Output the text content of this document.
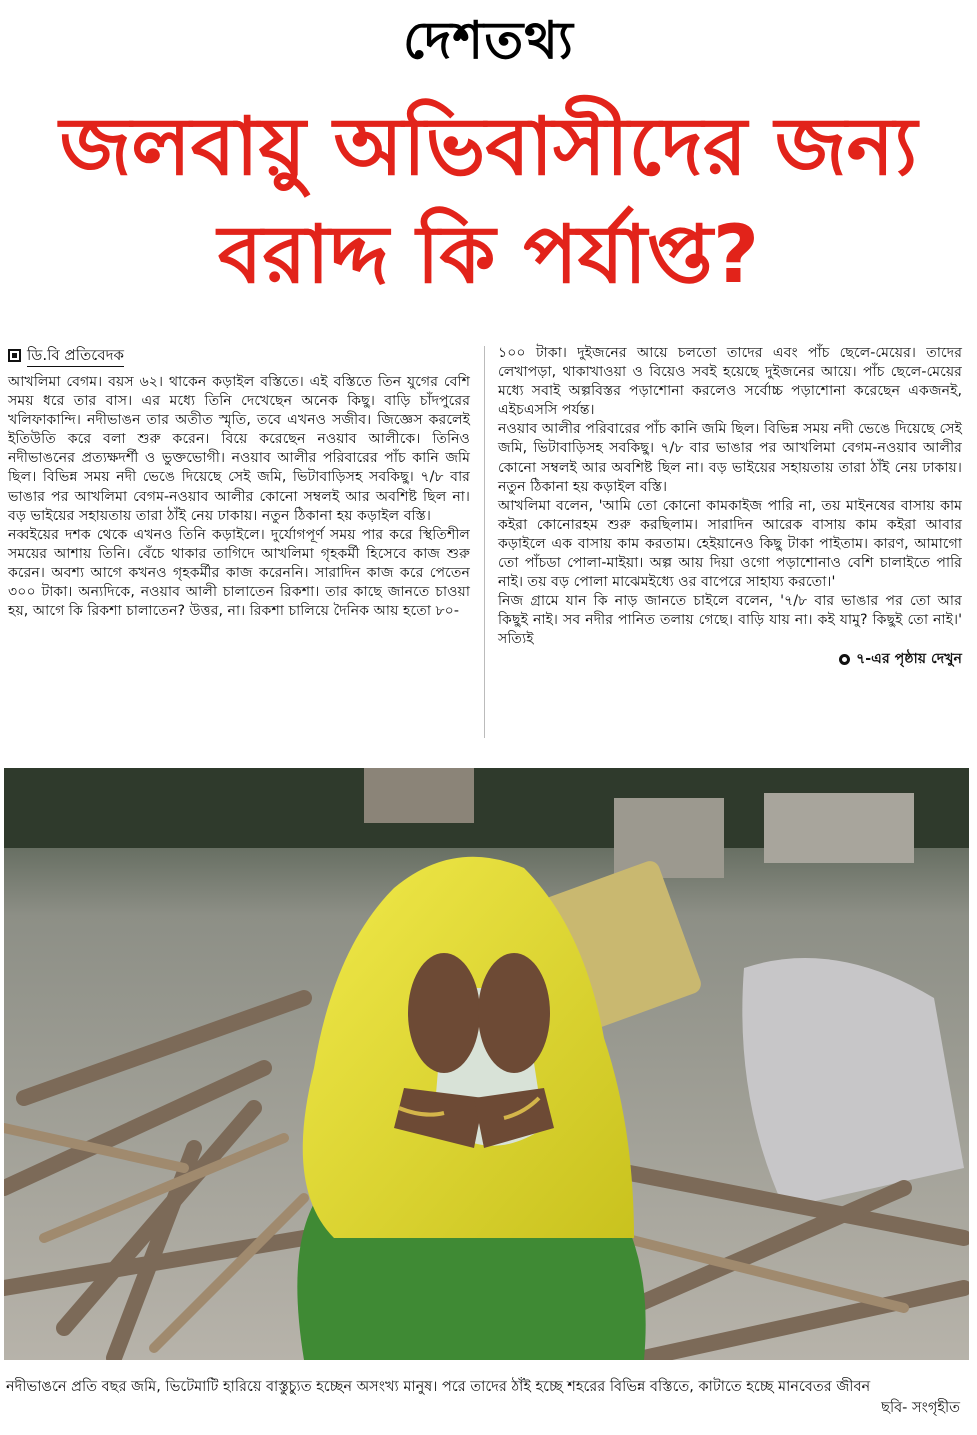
দেশতথ্য
জলবায়ু অভিবাসীদের জন্য
বরাদ্দ কি পর্যাপ্ত?
ডি.বি প্রতিবেদক

আখলিমা বেগম। বয়স ৬২। থাকেন কড়াইল বস্তিতে। এই বস্তিতে তিন যুগের বেশি সময় ধরে তার বাস। এর মধ্যে তিনি দেখেছেন অনেক কিছু। বাড়ি চাঁদপুরের খলিফাকান্দি। নদীভাঙন তার অতীত স্মৃতি, তবে এখনও সজীব। জিজ্ঞেস করলেই ইতিউতি করে বলা শুরু করেন। বিয়ে করেছেন নওয়াব আলীকে। তিনিও নদীভাঙনের প্রত্যক্ষদর্শী ও ভুক্তভোগী। নওয়াব আলীর পরিবারের পাঁচ কানি জমি ছিল। বিভিন্ন সময় নদী ভেঙে দিয়েছে সেই জমি, ভিটাবাড়িসহ সবকিছু। ৭/৮ বার ভাঙার পর আখলিমা বেগম-নওয়াব আলীর কোনো সম্বলই আর অবশিষ্ট ছিল না। বড় ভাইয়ের সহায়তায় তারা ঠাঁই নেয় ঢাকায়। নতুন ঠিকানা হয় কড়াইল বস্তি।

নব্বইয়ের দশক থেকে এখনও তিনি কড়াইলে। দুর্যোগপূর্ণ সময় পার করে স্থিতিশীল সময়ের আশায় তিনি। বেঁচে থাকার তাগিদে আখলিমা গৃহকর্মী হিসেবে কাজ শুরু করেন। অবশ্য আগে কখনও গৃহকর্মীর কাজ করেননি। সারাদিন কাজ করে পেতেন ৩০০ টাকা। অন্যদিকে, নওয়াব আলী চালাতেন রিকশা। তার কাছে জানতে চাওয়া হয়, আগে কি রিকশা চালাতেন? উত্তর, না। রিকশা চালিয়ে দৈনিক আয় হতো ৮০-

১০০ টাকা। দুইজনের আয়ে চলতো তাদের এবং পাঁচ ছেলে-মেয়ের। তাদের লেখাপড়া, থাকাখাওয়া ও বিয়েও সবই হয়েছে দুইজনের আয়ে। পাঁচ ছেলে-মেয়ের মধ্যে সবাই অল্পবিস্তর পড়াশোনা করলেও সর্বোচ্চ পড়াশোনা করেছেন একজনই, এইচএসসি পর্যন্ত।

নওয়াব আলীর পরিবারের পাঁচ কানি জমি ছিল। বিভিন্ন সময় নদী ভেঙে দিয়েছে সেই জমি, ভিটাবাড়িসহ সবকিছু। ৭/৮ বার ভাঙার পর আখলিমা বেগম-নওয়াব আলীর কোনো সম্বলই আর অবশিষ্ট ছিল না। বড় ভাইয়ের সহায়তায় তারা ঠাঁই নেয় ঢাকায়। নতুন ঠিকানা হয় কড়াইল বস্তি।

আখলিমা বলেন, 'আমি তো কোনো কামকাইজ পারি না, তয় মাইনষের বাসায় কাম কইরা কোনোরহম শুরু করছিলাম। সারাদিন আরেক বাসায় কাম কইরা আবার কড়াইলে এক বাসায় কাম করতাম। হেইয়ানেও কিছু টাকা পাইতাম। কারণ, আমাগো তো পাঁচডা পোলা-মাইয়া। অল্প আয় দিয়া ওগো পড়াশোনাও বেশি চালাইতে পারি নাই। তয় বড় পোলা মাঝেমইধ্যে ওর বাপেরে সাহায্য করতো।'

নিজ গ্রামে যান কি নাড় জানতে চাইলে বলেন, '৭/৮ বার ভাঙার পর তো আর কিছুই নাই। সব নদীর পানিত তলায় গেছে। বাড়ি যায় না। কই যামু? কিছুই তো নাই।' সত্যিই

৭-এর পৃষ্ঠায় দেখুন
নদীভাঙনে প্রতি বছর জমি, ভিটেমাটি হারিয়ে বাস্তুচ্যুত হচ্ছেন অসংখ্য মানুষ। পরে তাদের ঠাঁই হচ্ছে শহরের বিভিন্ন বস্তিতে, কাটাতে হচ্ছে মানবেতর জীবন
ছবি- সংগৃহীত
